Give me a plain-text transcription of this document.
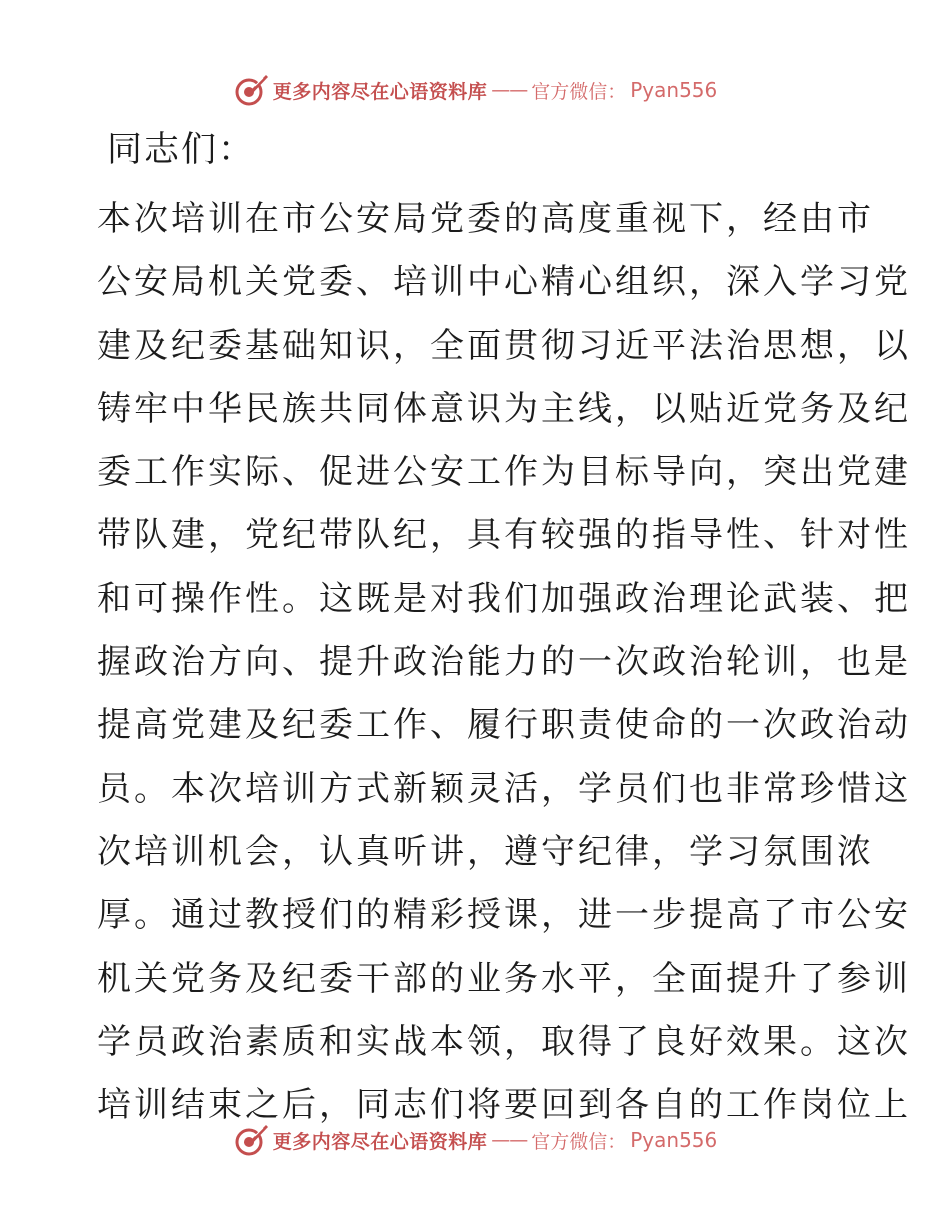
更多内容尽在心语资料库 —— 官方微信： Pyan556

同志们：

本次培训在市公安局党委的高度重视下，经由市
公安局机关党委、培训中心精心组织，深入学习党
建及纪委基础知识，全面贯彻习近平法治思想，以
铸牢中华民族共同体意识为主线，以贴近党务及纪
委工作实际、促进公安工作为目标导向，突出党建
带队建，党纪带队纪，具有较强的指导性、针对性
和可操作性。这既是对我们加强政治理论武装、把
握政治方向、提升政治能力的一次政治轮训，也是
提高党建及纪委工作、履行职责使命的一次政治动
员。本次培训方式新颖灵活，学员们也非常珍惜这
次培训机会，认真听讲，遵守纪律，学习氛围浓
厚。通过教授们的精彩授课，进一步提高了市公安
机关党务及纪委干部的业务水平，全面提升了参训
学员政治素质和实战本领，取得了良好效果。这次
培训结束之后，同志们将要回到各自的工作岗位上
更多内容尽在心语资料库 —— 官方微信： Pyan556
